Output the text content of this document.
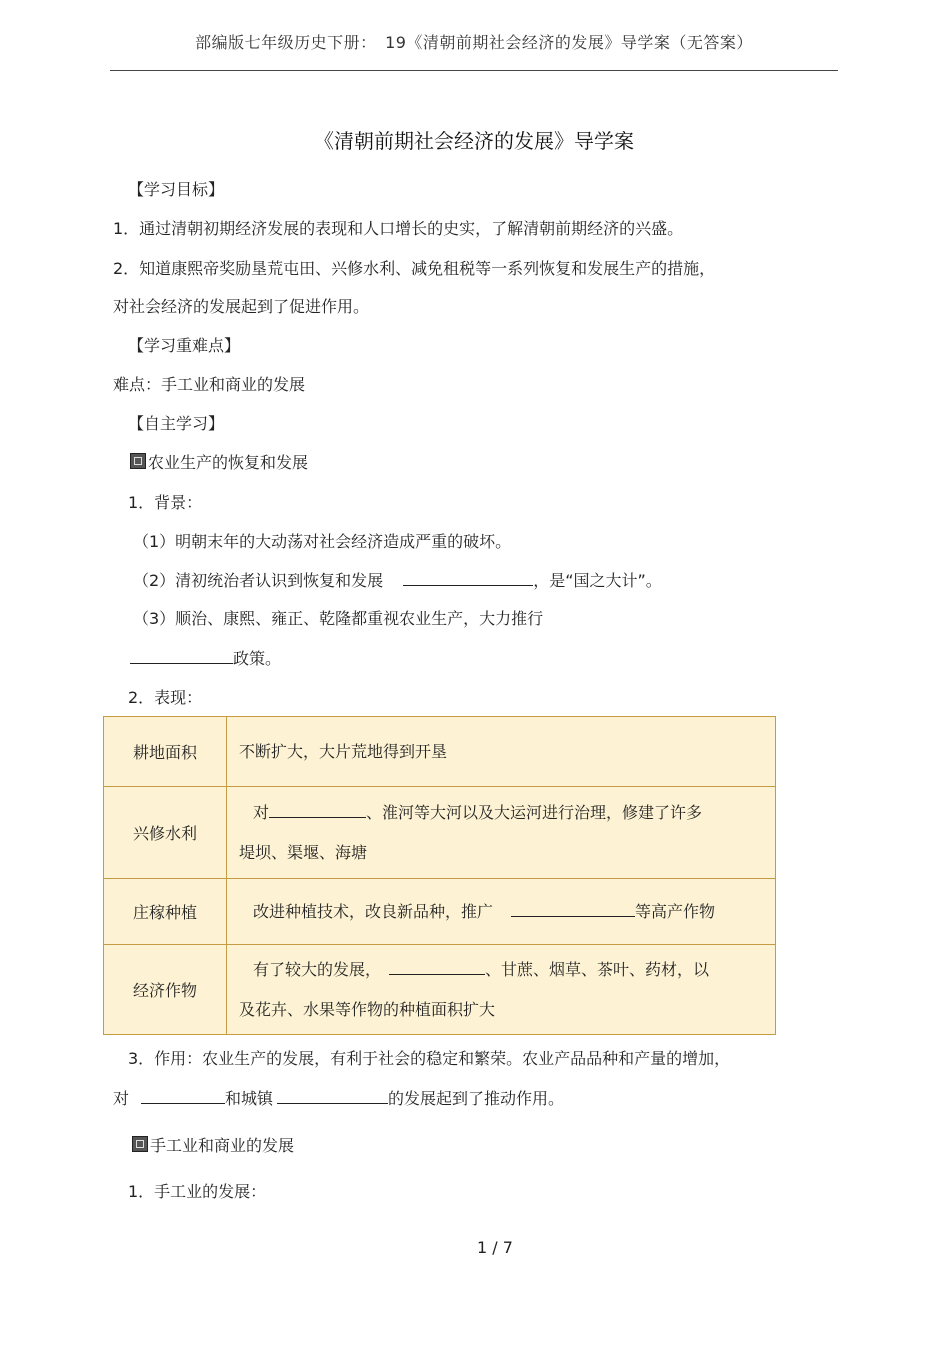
部编版七年级历史下册：　19《清朝前期社会经济的发展》导学案（无答案）
《清朝前期社会经济的发展》导学案
【学习目标】
1．通过清朝初期经济发展的表现和人口增长的史实，了解清朝前期经济的兴盛。
2．知道康熙帝奖励垦荒屯田、兴修水利、减免租税等一系列恢复和发展生产的措施，
对社会经济的发展起到了促进作用。
【学习重难点】
难点：手工业和商业的发展
【自主学习】
农业生产的恢复和发展
1．背景：
（1）明朝末年的大动荡对社会经济造成严重的破坏。
（2）清初统治者认识到恢复和发展	，是“国之大计”。
（3）顺治、康熙、雍正、乾隆都重视农业生产，大力推行
政策。
2．表现：
耕地面积	不断扩大，大片荒地得到开垦
兴修水利	对 、淮河等大河以及大运河进行治理，修建了许多
堤坝、渠堰、海塘

庄稼种植	改进种植技术，改良新品种，推广 等高产作物

经济作物	有了较大的发展， 、甘蔗、烟草、茶叶、药材，以
及花卉、水果等作物的种植面积扩大
3．作用：农业生产的发展，有利于社会的稳定和繁荣。农业产品品种和产量的增加，
对	和城镇	的发展起到了推动作用。
手工业和商业的发展
1．手工业的发展：
1 / 7
